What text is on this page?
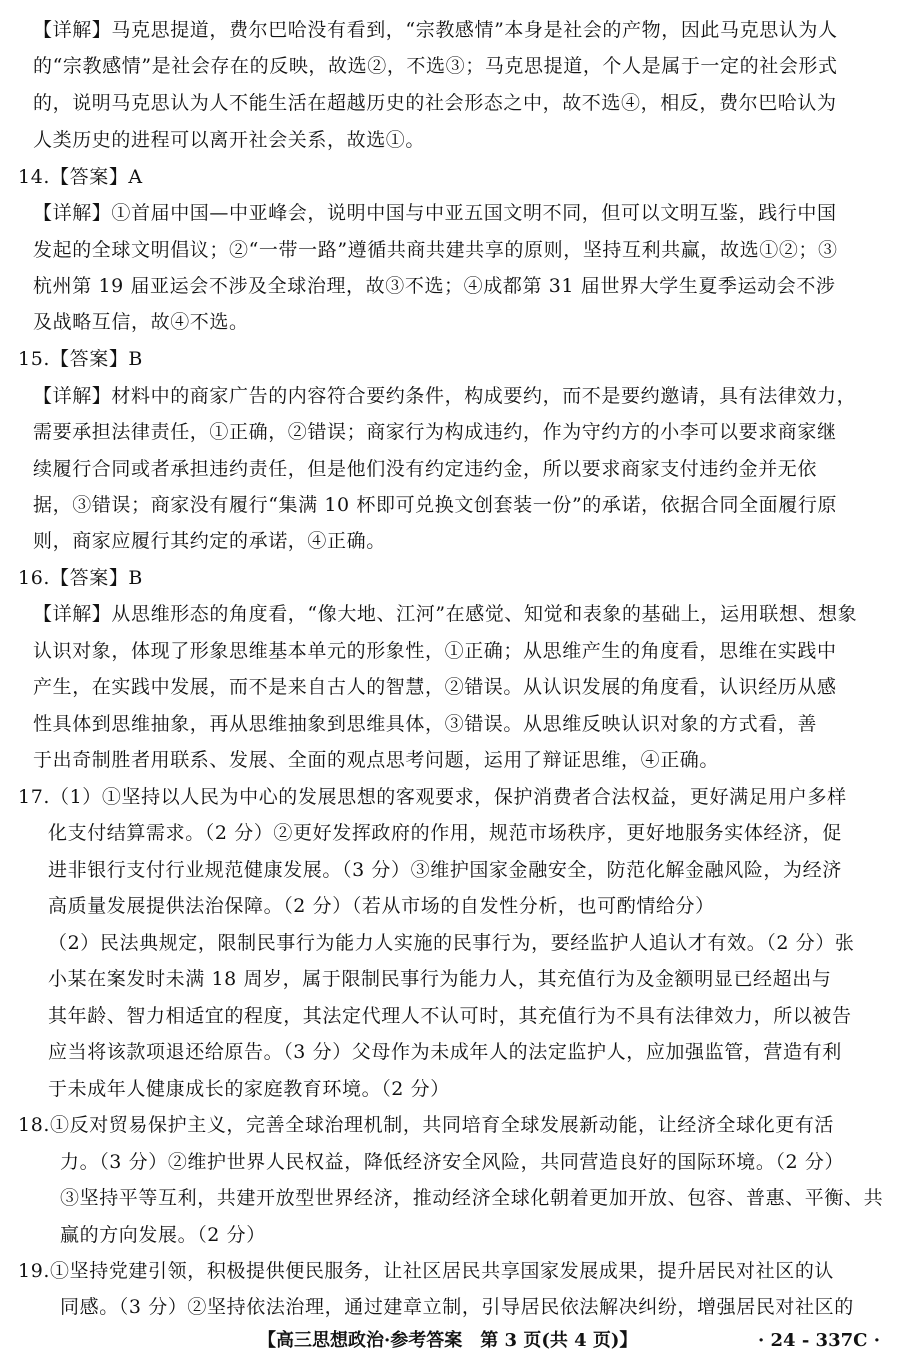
【详解】马克思提道，费尔巴哈没有看到，“宗教感情”本身是社会的产物，因此马克思认为人
的“宗教感情”是社会存在的反映，故选②，不选③；马克思提道，个人是属于一定的社会形式
的，说明马克思认为人不能生活在超越历史的社会形态之中，故不选④，相反，费尔巴哈认为
人类历史的进程可以离开社会关系，故选①。
14.【答案】A
【详解】①首届中国—中亚峰会，说明中国与中亚五国文明不同，但可以文明互鉴，践行中国
发起的全球文明倡议；②“一带一路”遵循共商共建共享的原则，坚持互利共赢，故选①②；③
杭州第 19 届亚运会不涉及全球治理，故③不选；④成都第 31 届世界大学生夏季运动会不涉
及战略互信，故④不选。
15.【答案】B
【详解】材料中的商家广告的内容符合要约条件，构成要约，而不是要约邀请，具有法律效力，
需要承担法律责任，①正确，②错误；商家行为构成违约，作为守约方的小李可以要求商家继
续履行合同或者承担违约责任，但是他们没有约定违约金，所以要求商家支付违约金并无依
据，③错误；商家没有履行“集满 10 杯即可兑换文创套装一份”的承诺，依据合同全面履行原
则，商家应履行其约定的承诺，④正确。
16.【答案】B
【详解】从思维形态的角度看，“像大地、江河”在感觉、知觉和表象的基础上，运用联想、想象
认识对象，体现了形象思维基本单元的形象性，①正确；从思维产生的角度看，思维在实践中
产生，在实践中发展，而不是来自古人的智慧，②错误。从认识发展的角度看，认识经历从感
性具体到思维抽象，再从思维抽象到思维具体，③错误。从思维反映认识对象的方式看，善
于出奇制胜者用联系、发展、全面的观点思考问题，运用了辩证思维，④正确。
17.（1）①坚持以人民为中心的发展思想的客观要求，保护消费者合法权益，更好满足用户多样
化支付结算需求。（2 分）②更好发挥政府的作用，规范市场秩序，更好地服务实体经济，促
进非银行支付行业规范健康发展。（3 分）③维护国家金融安全，防范化解金融风险，为经济
高质量发展提供法治保障。（2 分）（若从市场的自发性分析，也可酌情给分）
（2）民法典规定，限制民事行为能力人实施的民事行为，要经监护人追认才有效。（2 分）张
小某在案发时未满 18 周岁，属于限制民事行为能力人，其充值行为及金额明显已经超出与
其年龄、智力相适宜的程度，其法定代理人不认可时，其充值行为不具有法律效力，所以被告
应当将该款项退还给原告。（3 分）父母作为未成年人的法定监护人，应加强监管，营造有利
于未成年人健康成长的家庭教育环境。（2 分）
18.①反对贸易保护主义，完善全球治理机制，共同培育全球发展新动能，让经济全球化更有活
力。（3 分）②维护世界人民权益，降低经济安全风险，共同营造良好的国际环境。（2 分）
③坚持平等互利，共建开放型世界经济，推动经济全球化朝着更加开放、包容、普惠、平衡、共
赢的方向发展。（2 分）
19.①坚持党建引领，积极提供便民服务，让社区居民共享国家发展成果，提升居民对社区的认
同感。（3 分）②坚持依法治理，通过建章立制，引导居民依法解决纠纷，增强居民对社区的
【高三思想政治·参考答案　第 3 页(共 4 页)】	· 24 - 337C ·
